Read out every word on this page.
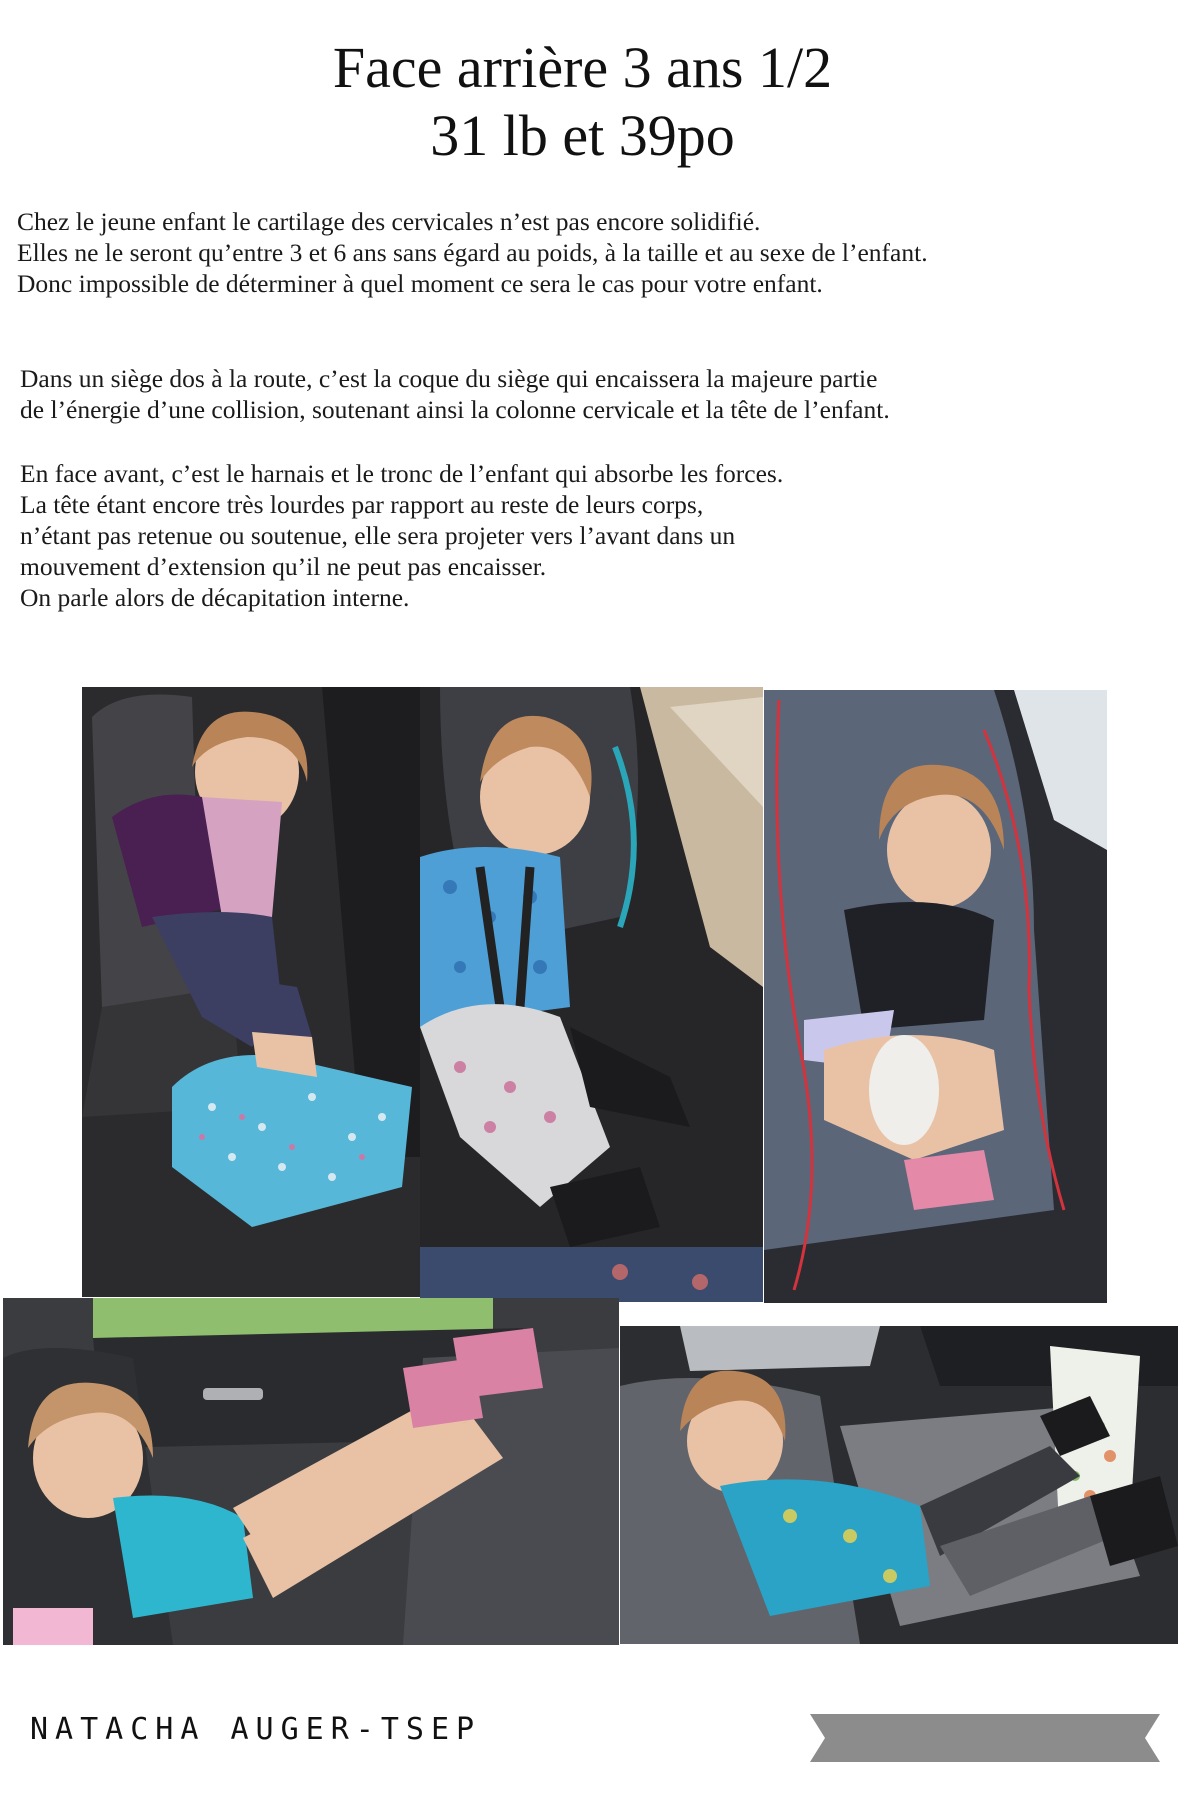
Face arrière 3 ans 1/2
31 lb et 39po
Chez le jeune enfant le cartilage des cervicales n’est pas encore solidifié.
Elles ne le seront qu’entre 3 et 6 ans sans égard au poids, à la taille et au sexe de l’enfant.
Donc impossible de déterminer à quel moment ce sera le cas pour votre enfant.
Dans un siège dos à la route, c’est la coque du siège qui encaissera la majeure partie
de l’énergie d’une collision, soutenant ainsi la colonne cervicale et la tête de l’enfant.
En face avant, c’est le harnais et le tronc de l’enfant qui absorbe les forces.
La tête étant encore très lourdes par rapport au reste de leurs corps,
n’étant pas retenue ou soutenue, elle sera projeter vers l’avant dans un
mouvement d’extension qu’il ne peut pas encaisser.
On parle alors de décapitation interne.
NATACHA AUGER-TSEP
